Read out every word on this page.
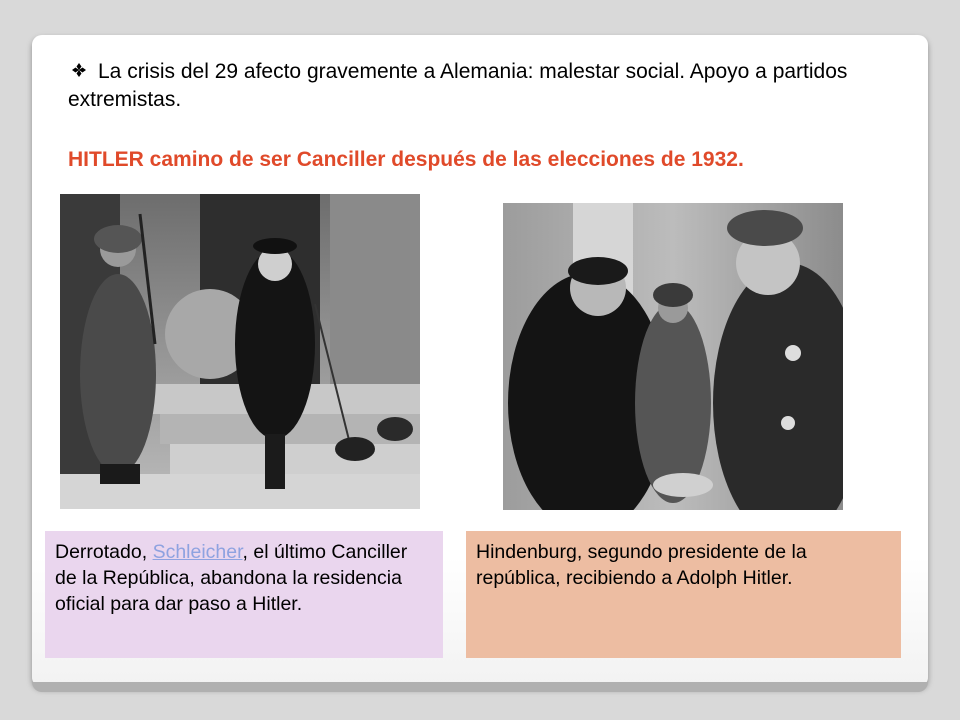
La crisis del 29 afecto gravemente a Alemania: malestar social. Apoyo a partidos extremistas.
HITLER camino de ser Canciller después de las elecciones de 1932.
Derrotado, Schleicher, el último Canciller de la República, abandona la residencia oficial para dar paso a Hitler.
Hindenburg, segundo presidente de la república, recibiendo a Adolph Hitler.
